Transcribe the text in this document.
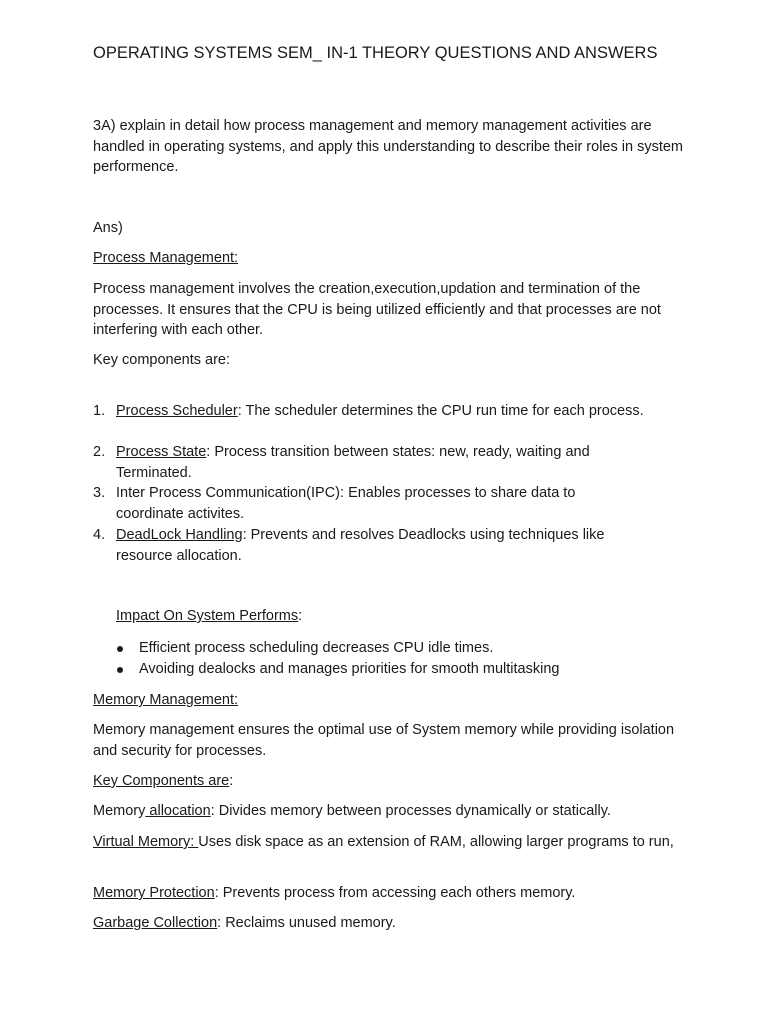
OPERATING SYSTEMS SEM_ IN-1 THEORY QUESTIONS AND ANSWERS

3A) explain in detail how process management and memory management activities are handled in operating systems, and apply this understanding to describe their roles in system performence.

Ans)

Process Management:

Process management involves the creation,execution,updation and termination of the processes. It ensures that the CPU is being utilized efficiently and that processes are not interfering with each other.

Key components are:

1. Process Scheduler: The scheduler determines the CPU run time for each process.
2. Process State: Process transition between states: new, ready, waiting and Terminated.
3. Inter Process Communication(IPC): Enables processes to share data to coordinate activites.
4. DeadLock Handling: Prevents and resolves Deadlocks using techniques like resource allocation.

Impact On System Performs:

Efficient process scheduling decreases CPU idle times.
Avoiding dealocks and manages priorities for smooth multitasking

Memory Management:

Memory management ensures the optimal use of System memory while providing isolation and security for processes.

Key Components are:

Memory allocation: Divides memory between processes dynamically or statically.

Virtual Memory: Uses disk space as an extension of RAM, allowing larger programs to run,

Memory Protection: Prevents process from accessing each others memory.

Garbage Collection: Reclaims unused memory.
